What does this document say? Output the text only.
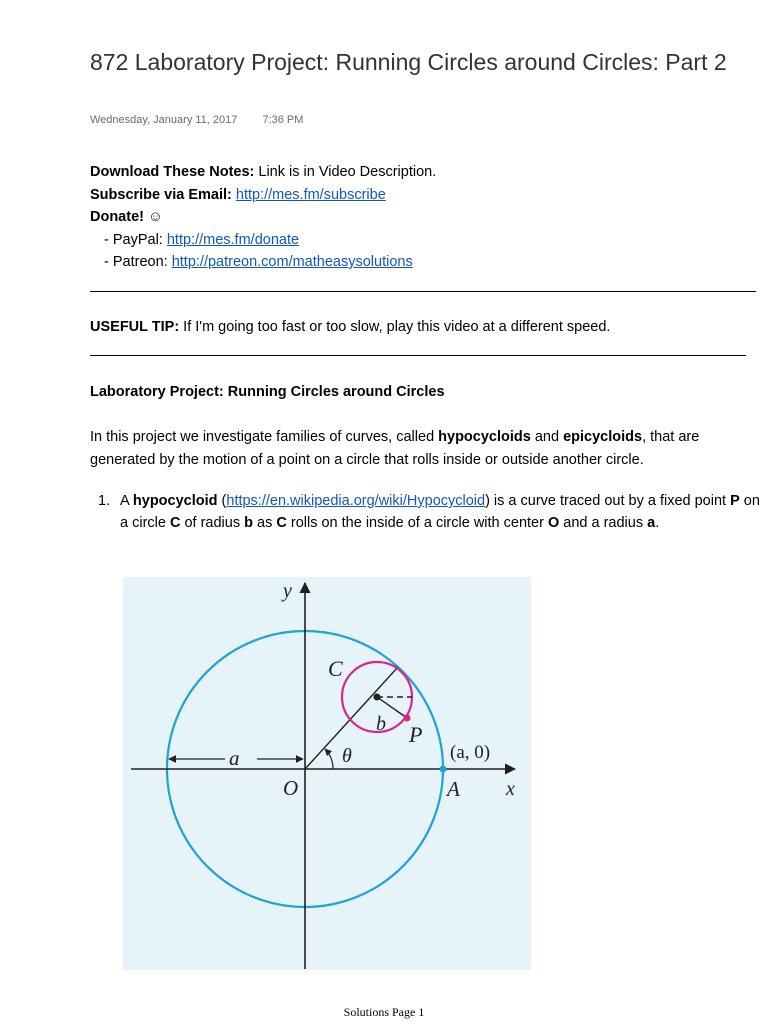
872 Laboratory Project: Running Circles around Circles: Part 2
Wednesday, January 11, 2017 7:36 PM
Download These Notes: Link is in Video Description.
Subscribe via Email: http://mes.fm/subscribe
Donate! ☺
- PayPal: http://mes.fm/donate
- Patreon: http://patreon.com/matheasysolutions
USEFUL TIP: If I'm going too fast or too slow, play this video at a different speed.
Laboratory Project: Running Circles around Circles
In this project we investigate families of curves, called hypocycloids and epicycloids, that are generated by the motion of a point on a circle that rolls inside or outside another circle.
1. A hypocycloid (https://en.wikipedia.org/wiki/Hypocycloid) is a curve traced out by a fixed point P on a circle C of radius b as C rolls on the inside of a circle with center O and a radius a.
y
x
C
b P
θ
O	A
(a, 0)
a
Solutions Page 1
